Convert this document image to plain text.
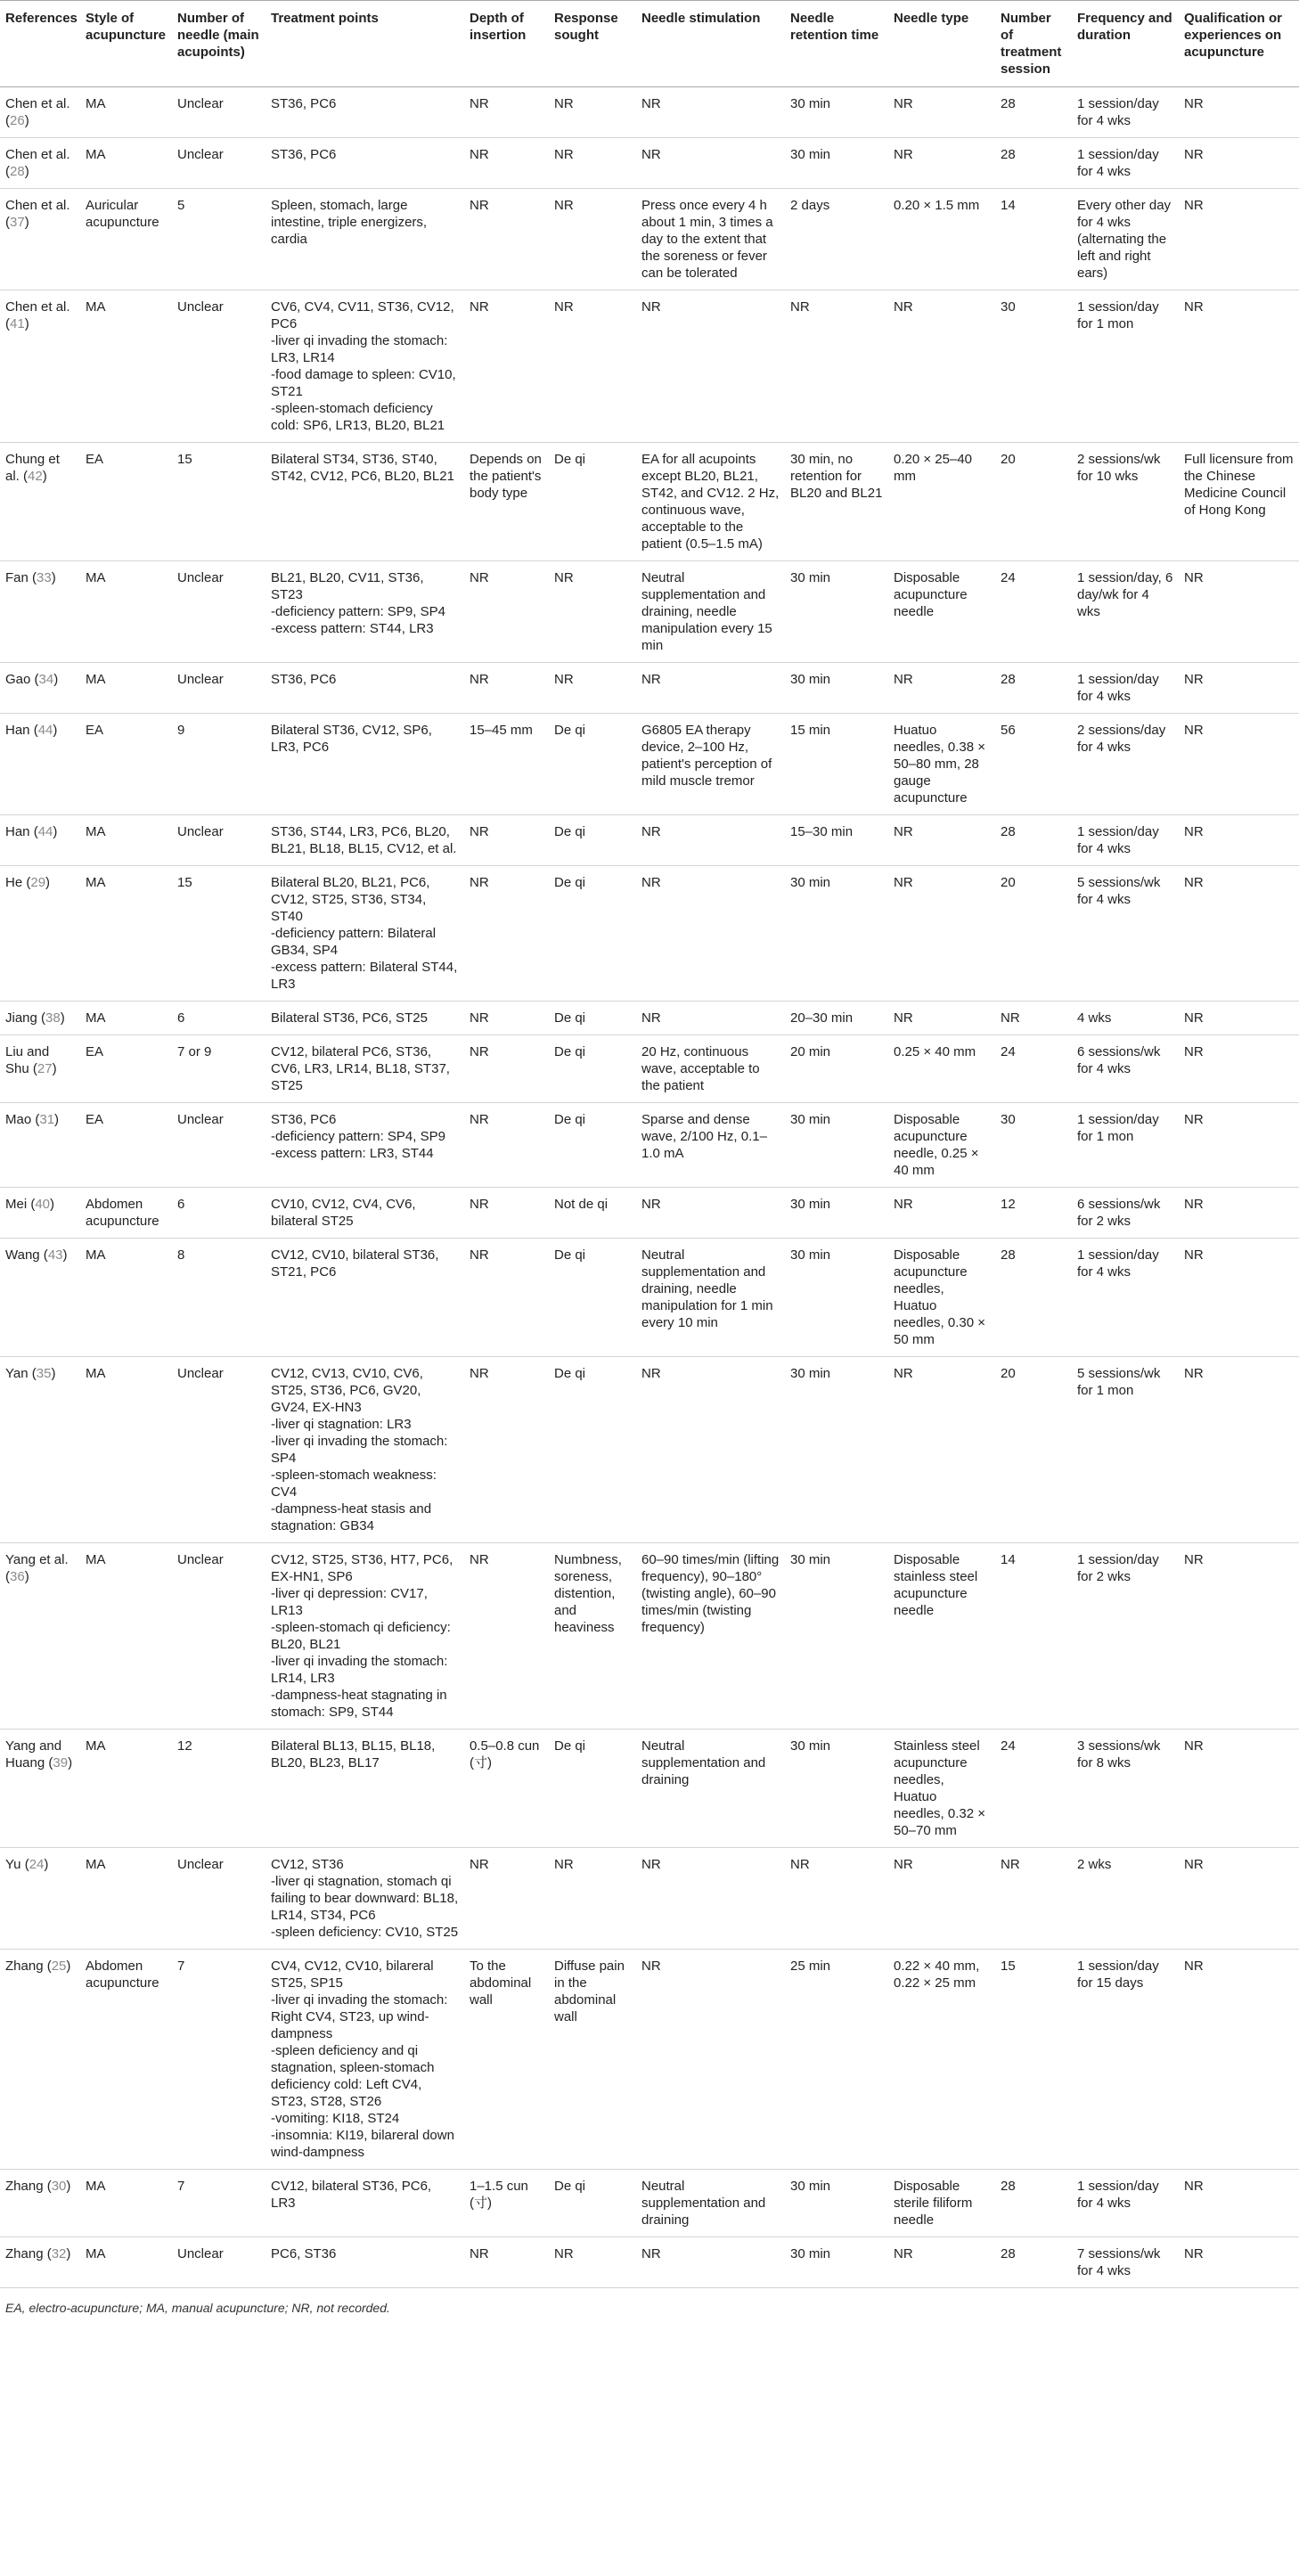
References	Style of acupuncture	Number of needle (main acupoints)	Treatment points	Depth of insertion	Response sought	Needle stimulation	Needle retention time	Needle type	Number of treatment session	Frequency and duration	Qualification or experiences on acupuncture
Chen et al. (26)	MA	Unclear	ST36, PC6	NR	NR	NR	30 min	NR	28	1 session/day for 4 wks	NR
Chen et al. (28)	MA	Unclear	ST36, PC6	NR	NR	NR	30 min	NR	28	1 session/day for 4 wks	NR
Chen et al. (37)	Auricular acupuncture	5	Spleen, stomach, large intestine, triple energizers, cardia	NR	NR	Press once every 4 h about 1 min, 3 times a day to the extent that the soreness or fever can be tolerated	2 days	0.20 × 1.5 mm	14	Every other day for 4 wks (alternating the left and right ears)	NR
Chen et al. (41)	MA	Unclear	CV6, CV4, CV11, ST36, CV12, PC6
-liver qi invading the stomach: LR3, LR14
-food damage to spleen: CV10, ST21
-spleen-stomach deficiency cold: SP6, LR13, BL20, BL21	NR	NR	NR	NR	NR	30	1 session/day for 1 mon	NR
Chung et al. (42)	EA	15	Bilateral ST34, ST36, ST40, ST42, CV12, PC6, BL20, BL21	Depends on the patient's body type	De qi	EA for all acupoints except BL20, BL21, ST42, and CV12. 2 Hz, continuous wave, acceptable to the patient (0.5–1.5 mA)	30 min, no retention for BL20 and BL21	0.20 × 25–40 mm	20	2 sessions/wk for 10 wks	Full licensure from the Chinese Medicine Council of Hong Kong
Fan (33)	MA	Unclear	BL21, BL20, CV11, ST36, ST23
-deficiency pattern: SP9, SP4
-excess pattern: ST44, LR3	NR	NR	Neutral supplementation and draining, needle manipulation every 15 min	30 min	Disposable acupuncture needle	24	1 session/day, 6 day/wk for 4 wks	NR
Gao (34)	MA	Unclear	ST36, PC6	NR	NR	NR	30 min	NR	28	1 session/day for 4 wks	NR
Han (44)	EA	9	Bilateral ST36, CV12, SP6, LR3, PC6	15–45 mm	De qi	G6805 EA therapy device, 2–100 Hz, patient's perception of mild muscle tremor	15 min	Huatuo needles, 0.38 × 50–80 mm, 28 gauge acupuncture	56	2 sessions/day for 4 wks	NR
Han (44)	MA	Unclear	ST36, ST44, LR3, PC6, BL20, BL21, BL18, BL15, CV12, et al.	NR	De qi	NR	15–30 min	NR	28	1 session/day for 4 wks	NR
He (29)	MA	15	Bilateral BL20, BL21, PC6, CV12, ST25, ST36, ST34, ST40
-deficiency pattern: Bilateral GB34, SP4
-excess pattern: Bilateral ST44, LR3	NR	De qi	NR	30 min	NR	20	5 sessions/wk for 4 wks	NR
Jiang (38)	MA	6	Bilateral ST36, PC6, ST25	NR	De qi	NR	20–30 min	NR	NR	4 wks	NR
Liu and Shu (27)	EA	7 or 9	CV12, bilateral PC6, ST36, CV6, LR3, LR14, BL18, ST37, ST25	NR	De qi	20 Hz, continuous wave, acceptable to the patient	20 min	0.25 × 40 mm	24	6 sessions/wk for 4 wks	NR
Mao (31)	EA	Unclear	ST36, PC6
-deficiency pattern: SP4, SP9
-excess pattern: LR3, ST44	NR	De qi	Sparse and dense wave, 2/100 Hz, 0.1–1.0 mA	30 min	Disposable acupuncture needle, 0.25 × 40 mm	30	1 session/day for 1 mon	NR
Mei (40)	Abdomen acupuncture	6	CV10, CV12, CV4, CV6, bilateral ST25	NR	Not de qi	NR	30 min	NR	12	6 sessions/wk for 2 wks	NR
Wang (43)	MA	8	CV12, CV10, bilateral ST36, ST21, PC6	NR	De qi	Neutral supplementation and draining, needle manipulation for 1 min every 10 min	30 min	Disposable acupuncture needles, Huatuo needles, 0.30 × 50 mm	28	1 session/day for 4 wks	NR
Yan (35)	MA	Unclear	CV12, CV13, CV10, CV6, ST25, ST36, PC6, GV20, GV24, EX-HN3
-liver qi stagnation: LR3
-liver qi invading the stomach: SP4
-spleen-stomach weakness: CV4
-dampness-heat stasis and stagnation: GB34	NR	De qi	NR	30 min	NR	20	5 sessions/wk for 1 mon	NR
Yang et al. (36)	MA	Unclear	CV12, ST25, ST36, HT7, PC6, EX-HN1, SP6
-liver qi depression: CV17, LR13
-spleen-stomach qi deficiency: BL20, BL21
-liver qi invading the stomach: LR14, LR3
-dampness-heat stagnating in stomach: SP9, ST44	NR	Numbness, soreness, distention, and heaviness	60–90 times/min (lifting frequency), 90–180° (twisting angle), 60–90 times/min (twisting frequency)	30 min	Disposable stainless steel acupuncture needle	14	1 session/day for 2 wks	NR
Yang and Huang (39)	MA	12	Bilateral BL13, BL15, BL18, BL20, BL23, BL17	0.5–0.8 cun (寸)	De qi	Neutral supplementation and draining	30 min	Stainless steel acupuncture needles, Huatuo needles, 0.32 × 50–70 mm	24	3 sessions/wk for 8 wks	NR
Yu (24)	MA	Unclear	CV12, ST36
-liver qi stagnation, stomach qi failing to bear downward: BL18, LR14, ST34, PC6
-spleen deficiency: CV10, ST25	NR	NR	NR	NR	NR	NR	2 wks	NR
Zhang (25)	Abdomen acupuncture	7	CV4, CV12, CV10, bilareral ST25, SP15
-liver qi invading the stomach: Right CV4, ST23, up wind-dampness
-spleen deficiency and qi stagnation, spleen-stomach deficiency cold: Left CV4, ST23, ST28, ST26
-vomiting: KI18, ST24
-insomnia: KI19, bilareral down wind-dampness	To the abdominal wall	Diffuse pain in the abdominal wall	NR	25 min	0.22 × 40 mm, 0.22 × 25 mm	15	1 session/day for 15 days	NR
Zhang (30)	MA	7	CV12, bilateral ST36, PC6, LR3	1–1.5 cun (寸)	De qi	Neutral supplementation and draining	30 min	Disposable sterile filiform needle	28	1 session/day for 4 wks	NR
Zhang (32)	MA	Unclear	PC6, ST36	NR	NR	NR	30 min	NR	28	7 sessions/wk for 4 wks	NR
EA, electro-acupuncture; MA, manual acupuncture; NR, not recorded.
